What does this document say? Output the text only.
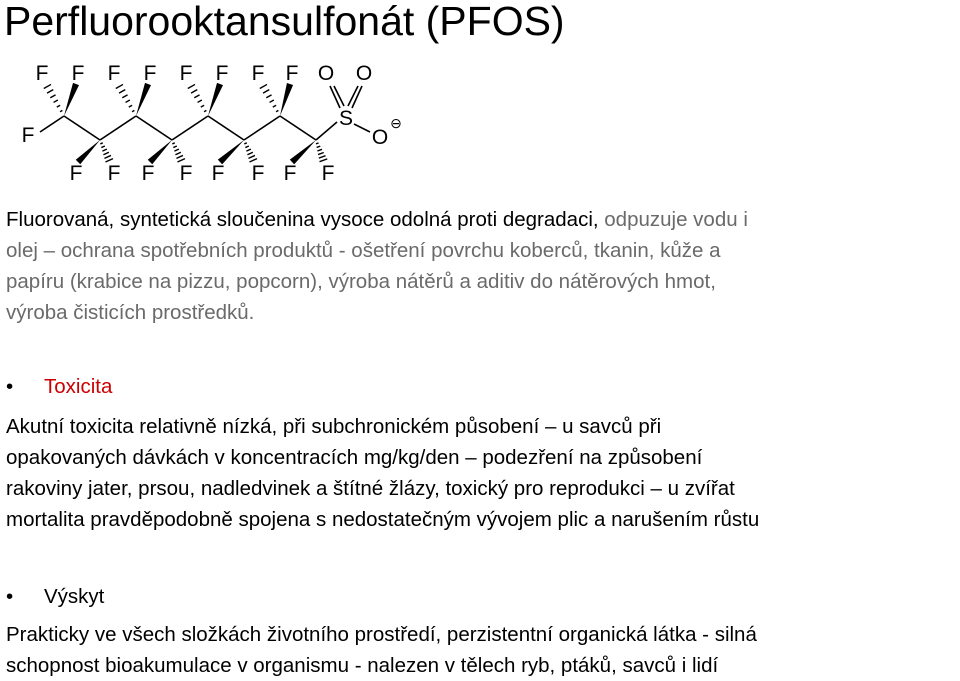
Perfluorooktansulfonát (PFOS)
F
F F F F F F F F
F F F F F F F F
S
O O
O
⊖
Fluorovaná, syntetická sloučenina vysoce odolná proti degradaci, odpuzuje vodu i
olej – ochrana spotřebních produktů - ošetření povrchu koberců, tkanin, kůže a
papíru (krabice na pizzu, popcorn), výroba nátěrů a aditiv do nátěrových hmot,
výroba čisticích prostředků.
• Toxicita
Akutní toxicita relativně nízká, při subchronickém působení – u savců při
opakovaných dávkách v koncentracích mg/kg/den – podezření na způsobení
rakoviny jater, prsou, nadledvinek a štítné žlázy, toxický pro reprodukci – u zvířat
mortalita pravděpodobně spojena s nedostatečným vývojem plic a narušením růstu
• Výskyt
Prakticky ve všech složkách životního prostředí, perzistentní organická látka - silná
schopnost bioakumulace v organismu - nalezen v tělech ryb, ptáků, savců i lidí
